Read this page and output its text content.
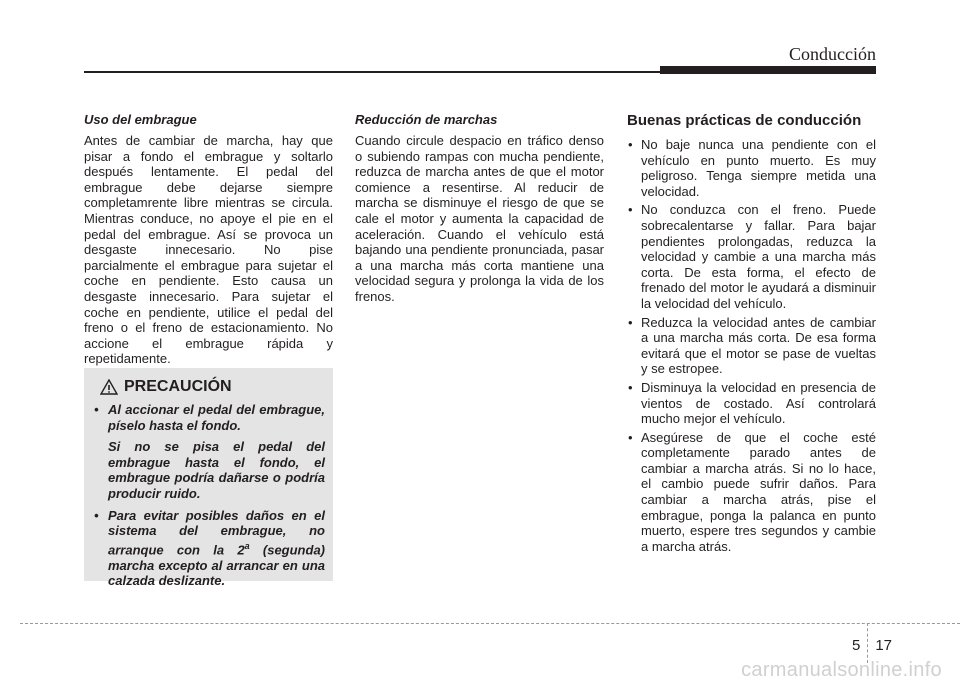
Conducción

Uso del embrague

Antes de cambiar de marcha, hay que pisar a fondo el embrague y soltarlo después lentamente. El pedal del embrague debe dejarse siempre completamrente libre mientras se circula. Mientras conduce, no apoye el pie en el pedal del embrague. Así se provoca un desgaste innecesario. No pise parcialmente el embrague para sujetar el coche en pendiente. Esto causa un desgaste innecesario. Para sujetar el coche en pendiente, utilice el pedal del freno o el freno de estacionamiento. No accione el embrague rápida y repetidamente.

PRECAUCIÓN
• Al accionar el pedal del embrague, píselo hasta el fondo.

Si no se pisa el pedal del embrague hasta el fondo, el embrague podría dañarse o podría producir ruido.

• Para evitar posibles daños en el sistema del embrague, no arranque con la 2$^a$ (segunda) marcha excepto al arrancar en una calzada deslizante.

Reducción de marchas

Cuando circule despacio en tráfico denso o subiendo rampas con mucha pendiente, reduzca de marcha antes de que el motor comience a resentirse. Al reducir de marcha se disminuye el riesgo de que se cale el motor y aumenta la capacidad de aceleración. Cuando el vehículo está bajando una pendiente pronunciada, pasar a una marcha más corta mantiene una velocidad segura y prolonga la vida de los frenos.

Buenas prácticas de conducción

• No baje nunca una pendiente con el vehículo en punto muerto. Es muy peligroso. Tenga siempre metida una velocidad.
• No conduzca con el freno. Puede sobrecalentarse y fallar. Para bajar pendientes prolongadas, reduzca la velocidad y cambie a una marcha más corta. De esta forma, el efecto de frenado del motor le ayudará a disminuir la velocidad del vehículo.
• Reduzca la velocidad antes de cambiar a una marcha más corta. De esa forma evitará que el motor se pase de vueltas y se estropee.
• Disminuya la velocidad en presencia de vientos de costado. Así controlará mucho mejor el vehículo.
• Asegúrese de que el coche esté completamente parado antes de cambiar a marcha atrás. Si no lo hace, el cambio puede sufrir daños. Para cambiar a marcha atrás, pise el embrague, ponga la palanca en punto muerto, espere tres segundos y cambie a marcha atrás.
5	17
carmanualsonline.info
